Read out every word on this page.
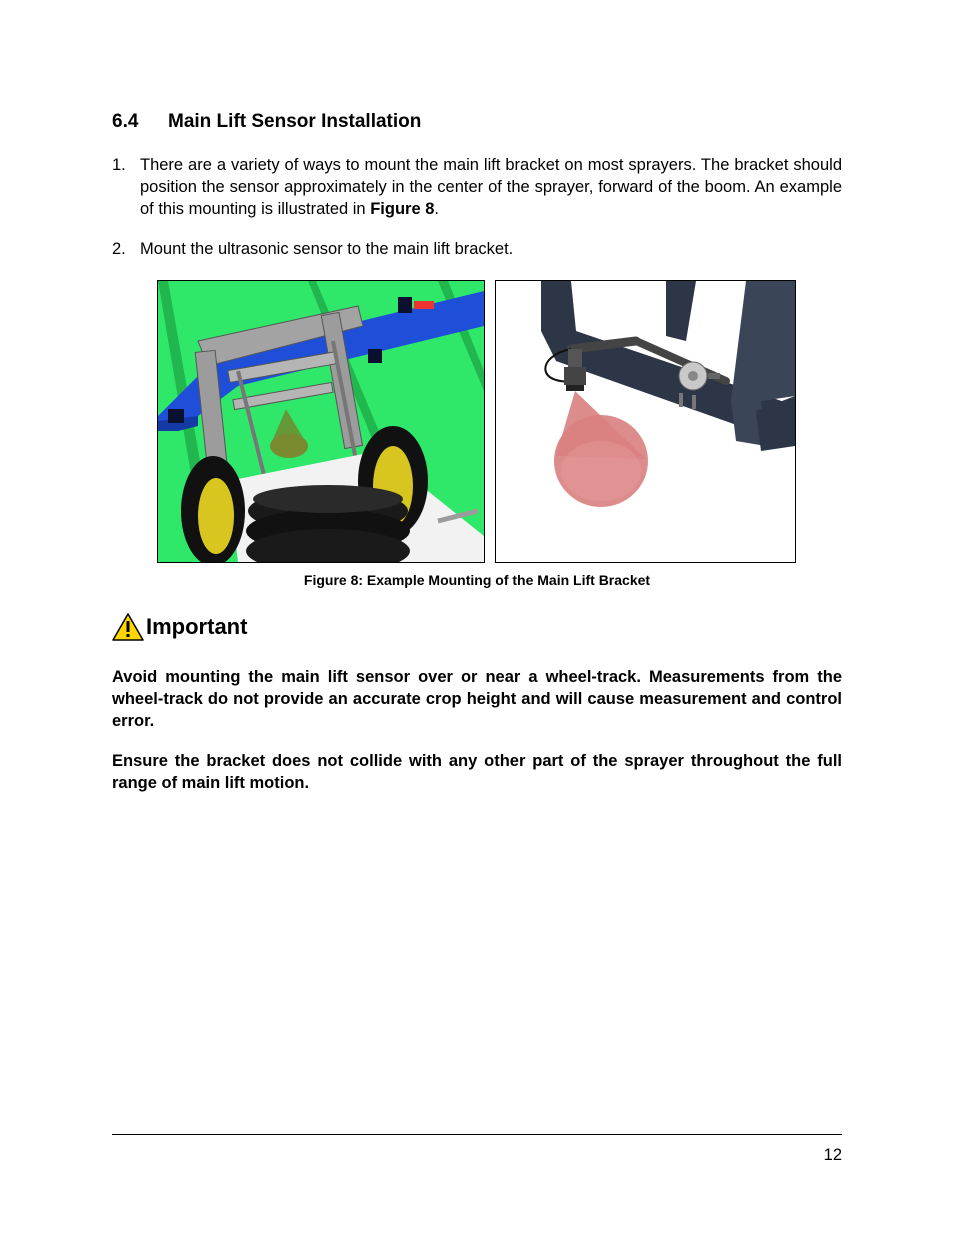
6.4 Main Lift Sensor Installation
1. There are a variety of ways to mount the main lift bracket on most sprayers. The bracket should position the sensor approximately in the center of the sprayer, forward of the boom. An example of this mounting is illustrated in Figure 8.
2. Mount the ultrasonic sensor to the main lift bracket.
Figure 8: Example Mounting of the Main Lift Bracket
Important

Avoid mounting the main lift sensor over or near a wheel-track. Measurements from the wheel-track do not provide an accurate crop height and will cause measurement and control error.

Ensure the bracket does not collide with any other part of the sprayer throughout the full range of main lift motion.

12
